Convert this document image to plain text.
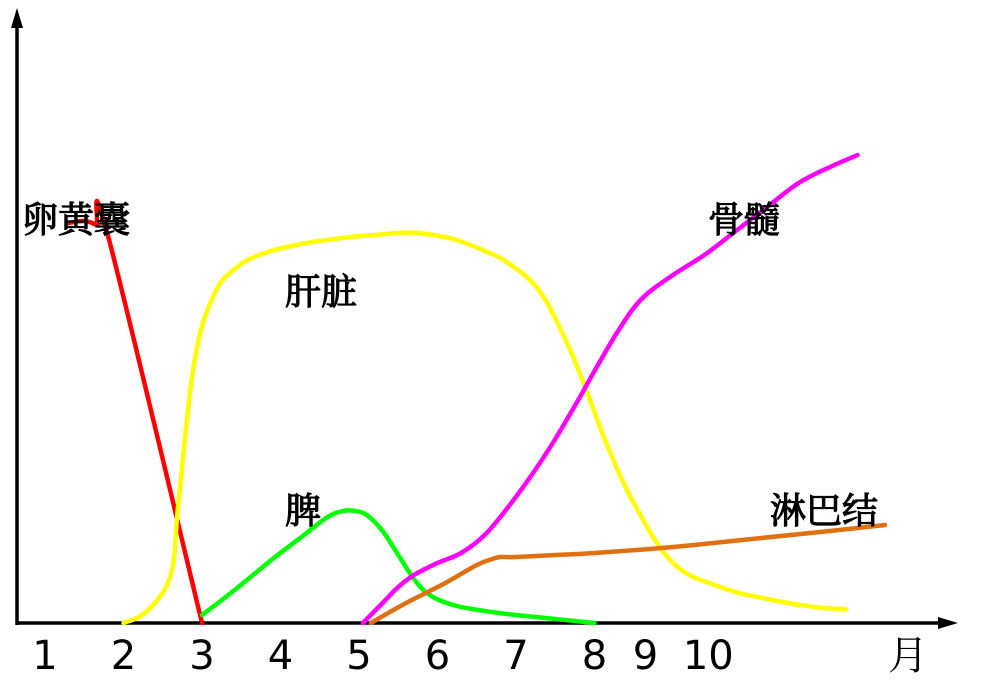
1 2 3 4 5 6 7 8 9 10	月
卵黄囊
肝脏
脾
骨髓
淋巴结
